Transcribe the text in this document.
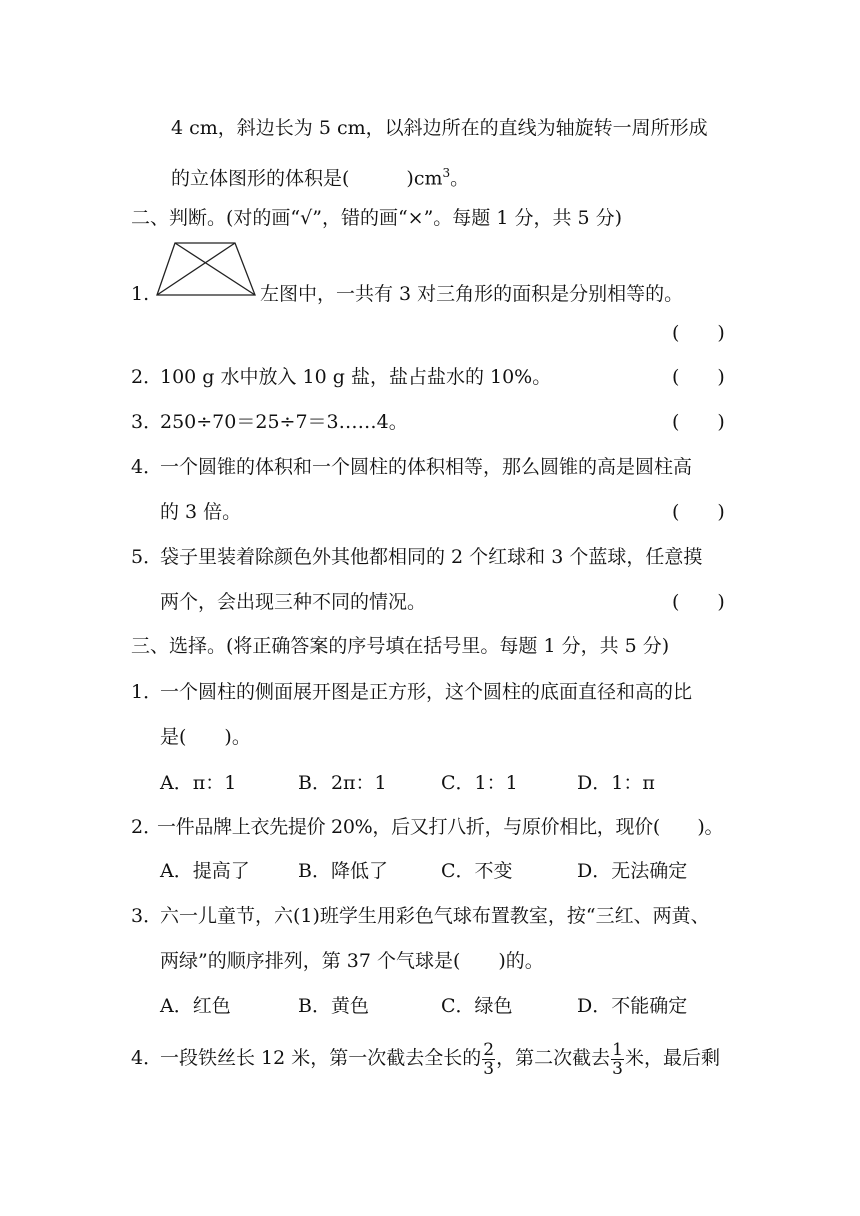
4 cm，斜边长为 5 cm，以斜边所在的直线为轴旋转一周所形成
的立体图形的体积是(　　　)$cm^3$。
二、判断。(对的画“√”，错的画“×”。每题 1 分，共 5 分)
1.	左图中，一共有 3 对三角形的面积是分别相等的。
(　　)
2．
100 g 水中放入 10 g 盐，盐占盐水的 10%。	(　　)
3．
250÷70＝25÷7＝3……4。	(　　)
4．
一个圆锥的体积和一个圆柱的体积相等，那么圆锥的高是圆柱高
的 3 倍。	(　　)
5．
袋子里装着除颜色外其他都相同的 2 个红球和 3 个蓝球，任意摸
两个，会出现三种不同的情况。	(　　)
三、选择。(将正确答案的序号填在括号里。每题 1 分，共 5 分)
1．
一个圆柱的侧面展开图是正方形，这个圆柱的底面直径和高的比
是(　　)。
A．π：1	B．2π：1	C．1：1	D．1：π
2．
一件品牌上衣先提价 20%，后又打八折，与原价相比，现价(　　)。
A．提高了	B．降低了	C．不变	D．无法确定
3．
六一儿童节，六(1)班学生用彩色气球布置教室，按“三红、两黄、
两绿”的顺序排列，第 37 个气球是(　　)的。
A．红色	B．黄色	C．绿色	D．不能确定
4．
一段铁丝长 12 米，第一次截去全长的 $\frac{2}{3}$ ，第二次截去 $\frac{1}{3}$ 米，最后剩
